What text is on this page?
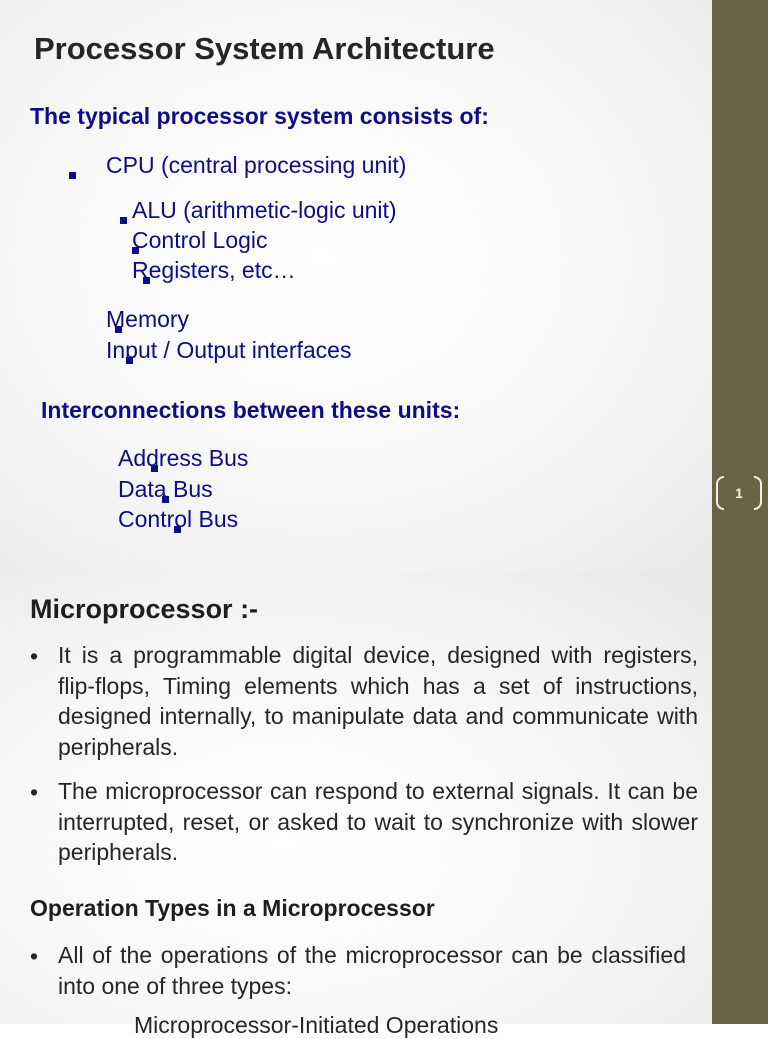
Processor System Architecture
The typical processor system consists of:

CPU (central processing unit)

ALU (arithmetic-logic unit)

Control Logic

Registers, etc…

Memory

Input / Output interfaces
Interconnections between these units:

Address Bus

Data Bus
Control Bus
Microprocessor :-
• It is a programmable digital device, designed with registers, flip-flops, Timing elements which has a set of instructions, designed internally, to manipulate data and communicate with peripherals.
• The microprocessor can respond to external signals. It can be interrupted, reset, or asked to wait to synchronize with slower peripherals.
Operation Types in a Microprocessor
• All of the operations of the microprocessor can be classified into one of three types:
Microprocessor-Initiated Operations
1
